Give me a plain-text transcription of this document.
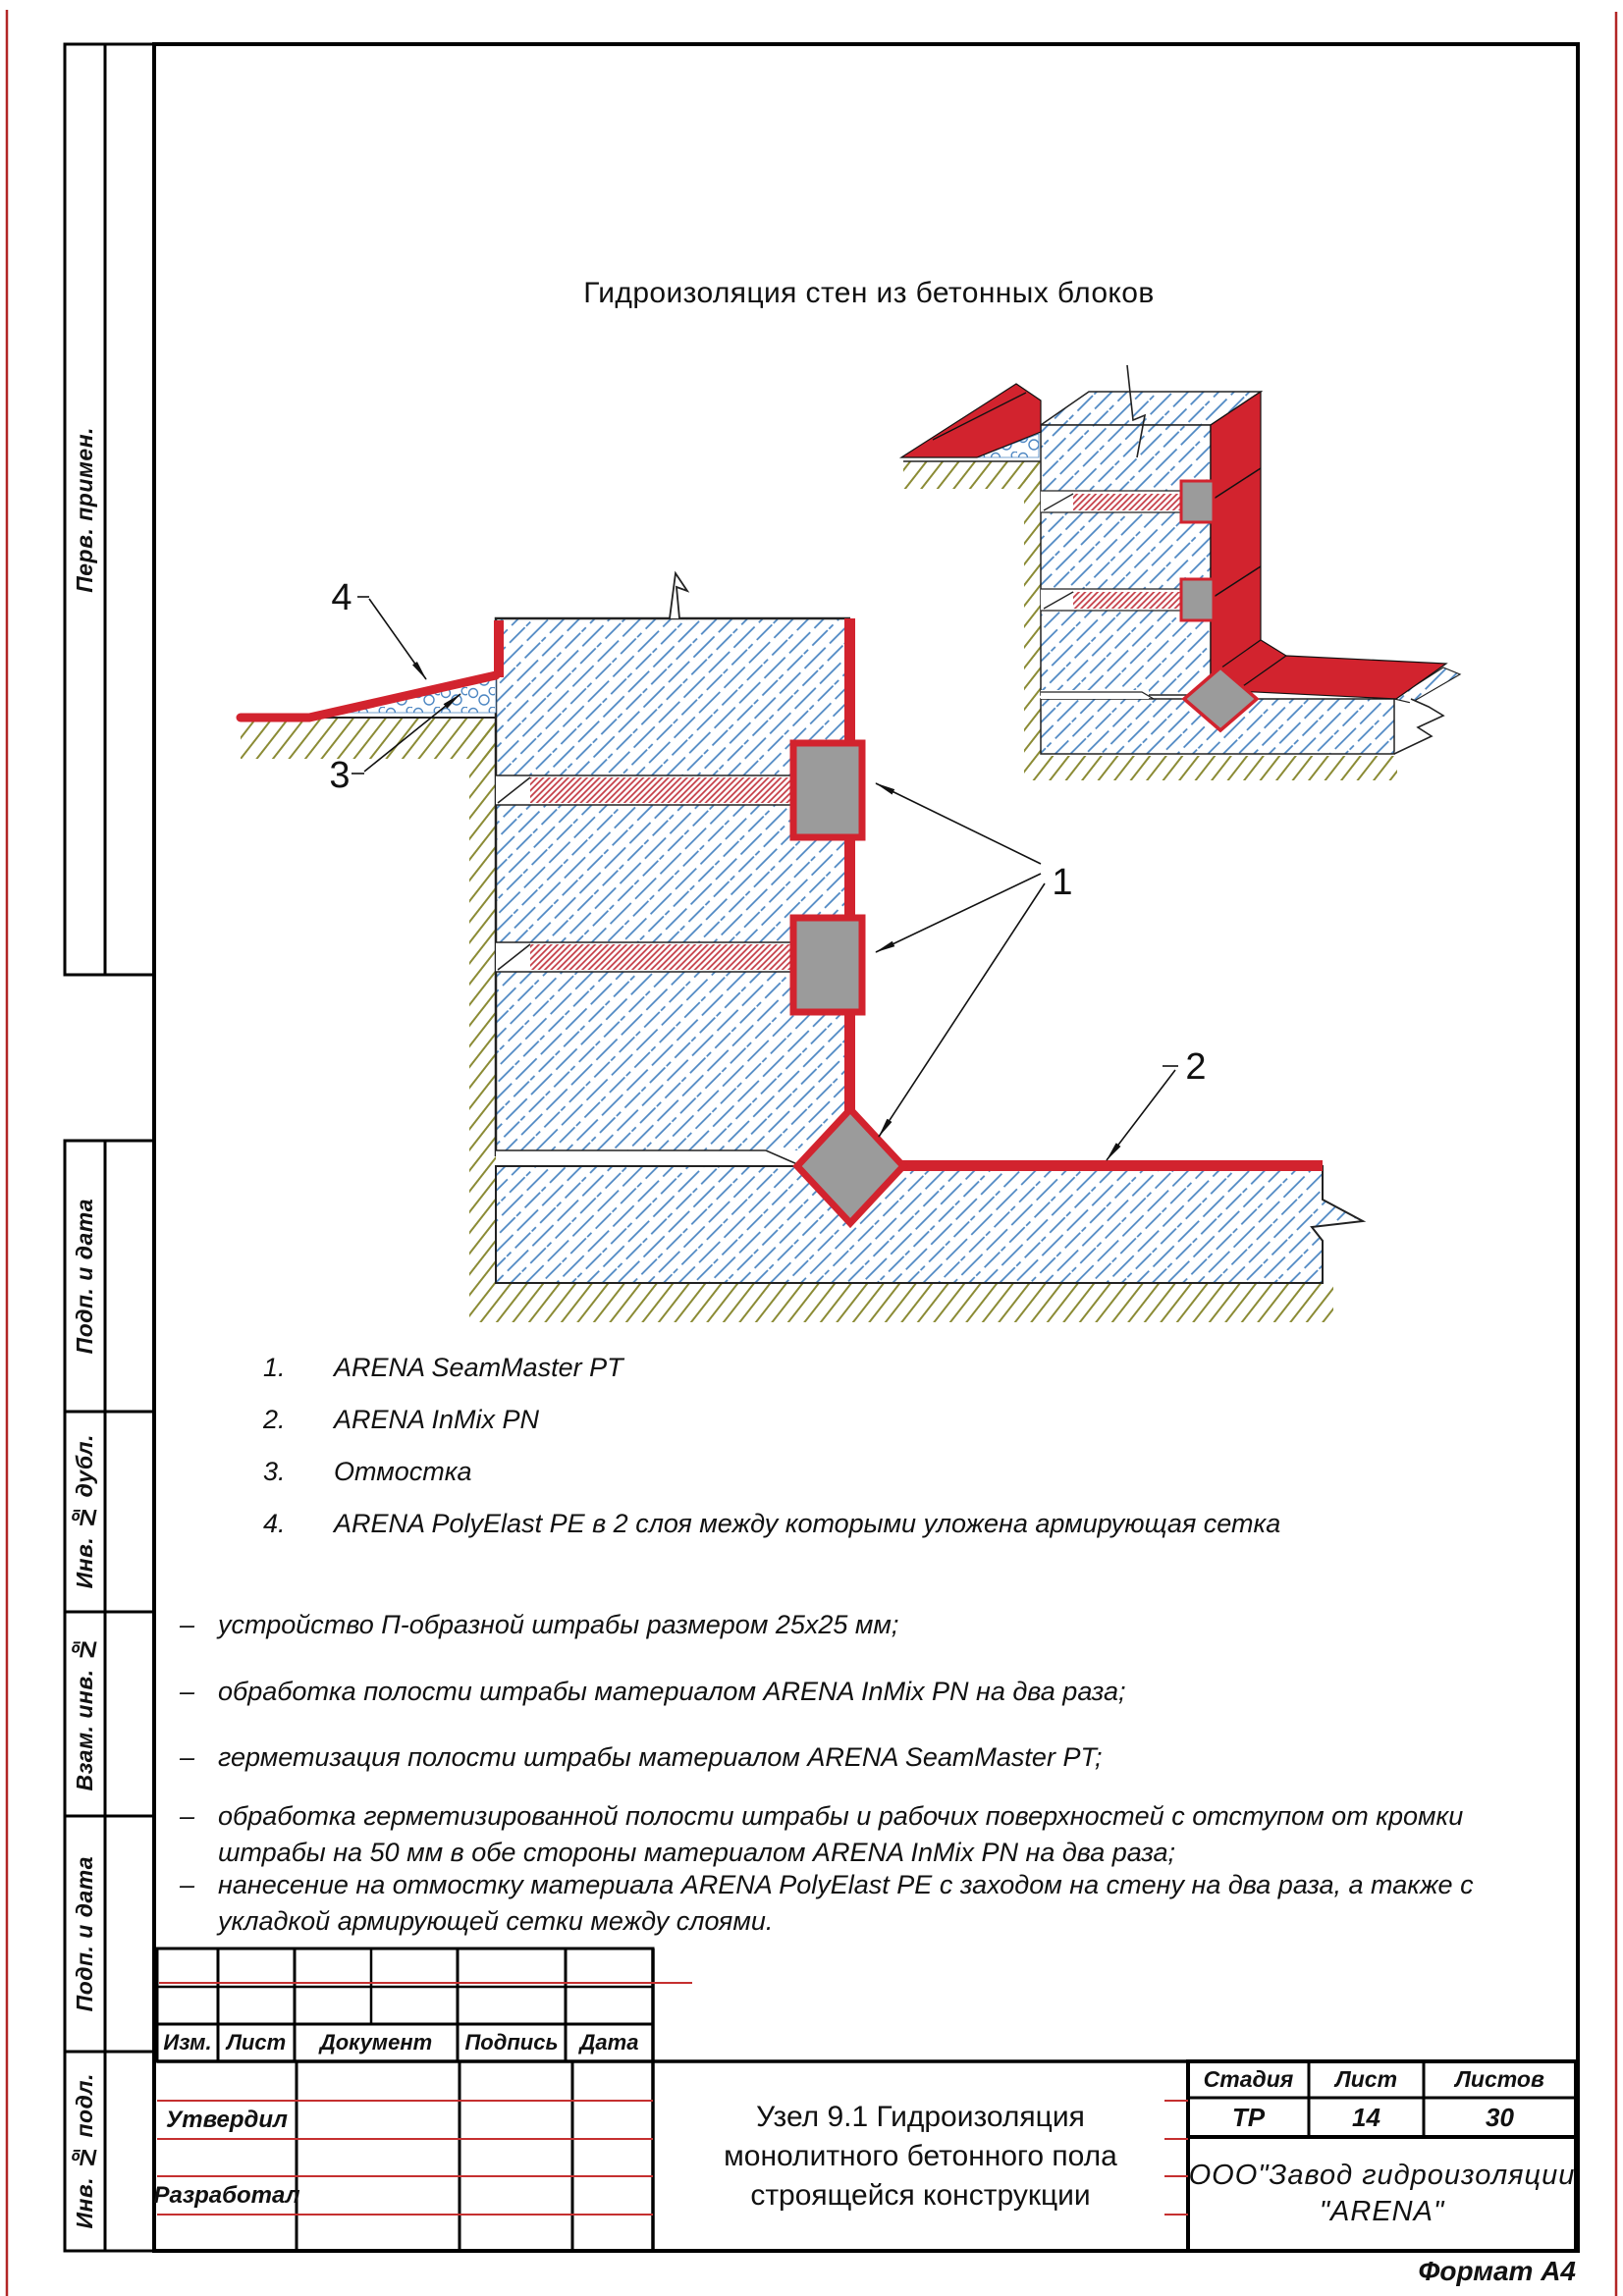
1
2
3
4
Гидроизоляция стен из бетонных блоков
1.	ARENA SeamMaster PT
2.	ARENA InMix PN
3.	Отмостка
4.	ARENA PolyElast PE в 2 слоя между которыми уложена армирующая сетка
– устройство П-образной штрабы размером 25х25 мм;
– обработка полости штрабы материалом ARENA InMix PN на два раза;
– герметизация полости штрабы материалом ARENA SeamMaster PT;
– обработка герметизированной полости штрабы и рабочих поверхностей с отступом от кромки штрабы на 50 мм в обе стороны материалом ARENA InMix PN на два раза;
– нанесение на отмостку материала ARENA PolyElast PE с заходом на стену на два раза, а также с укладкой армирующей сетки между слоями.
Перв. примен.
Подп. и дата
Инв. № дубл.
Взам. инв. №
Подп. и дата
Инв. № подл.
Изм. Лист	Документ	Подпись	Дата
Утвердил
Разработал
Узел 9.1 Гидроизоляция
монолитного бетонного пола
строящейся конструкции
Стадия	Лист	Листов
ТР	14	30
ООО"Завод гидроизоляции
"ARENA"
Формат А4
